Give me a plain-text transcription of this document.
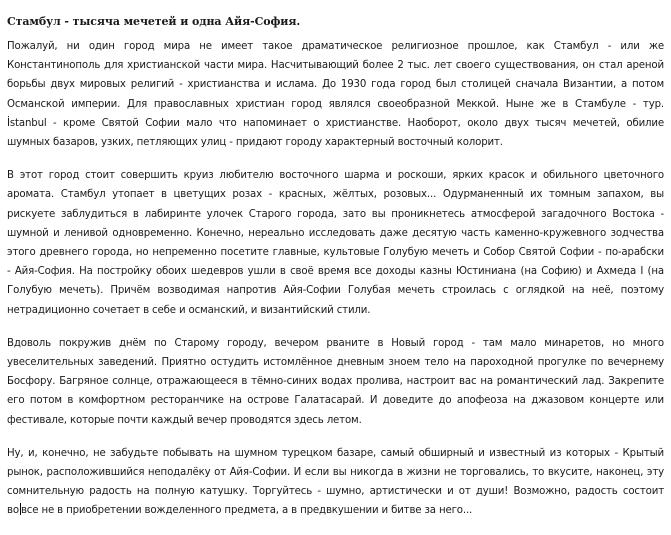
Стамбул - тысяча мечетей и одна Айя-София.
Пожалуй, ни один город мира не имеет такое драматическое религиозное прошлое, как Стамбул - или же
Константинополь для христианской части мира. Насчитывающий более 2 тыс. лет своего существования, он стал ареной
борьбы двух мировых религий - христианства и ислама. До 1930 года город был столицей сначала Византии, а потом
Османской империи. Для православных христиан город являлся своеобразной Меккой. Ныне же в Стамбуле - тур.
İstanbul - кроме Святой Софии мало что напоминает о христианстве. Наоборот, около двух тысяч мечетей, обилие
шумных базаров, узких, петляющих улиц - придают городу характерный восточный колорит.
В этот город стоит совершить круиз любителю восточного шарма и роскоши, ярких красок и обильного цветочного
аромата. Стамбул утопает в цветущих розах - красных, жёлтых, розовых... Одурманенный их томным запахом, вы
рискуете заблудиться в лабиринте улочек Старого города, зато вы проникнетесь атмосферой загадочного Востока -
шумной и ленивой одновременно. Конечно, нереально исследовать даже десятую часть каменно-кружевного зодчества
этого древнего города, но непременно посетите главные, культовые Голубую мечеть и Собор Святой Софии - по-арабски
- Айя-София. На постройку обоих шедевров ушли в своё время все доходы казны Юстиниана (на Софию) и Ахмеда I (на
Голубую мечеть). Причём возводимая напротив Айя-Софии Голубая мечеть строилась с оглядкой на неё, поэтому
нетрадиционно сочетает в себе и османский, и византийский стили.
Вдоволь покружив днём по Старому городу, вечером рваните в Новый город - там мало минаретов, но много
увеселительных заведений. Приятно остудить истомлённое дневным зноем тело на пароходной прогулке по вечернему
Босфору. Багряное солнце, отражающееся в тёмно-синих водах пролива, настроит вас на романтический лад. Закрепите
его потом в комфортном ресторанчике на острове Галатасарай. И доведите до апофеоза на джазовом концерте или
фестивале, которые почти каждый вечер проводятся здесь летом.
Ну, и, конечно, не забудьте побывать на шумном турецком базаре, самый обширный и известный из которых - Крытый
рынок, расположившийся неподалёку от Айя-Софии. И если вы никогда в жизни не торговались, то вкусите, наконец, эту
сомнительную радость на полную катушку. Торгуйтесь - шумно, артистически и от души! Возможно, радость состоит
во все не в приобретении вожделенного предмета, а в предвкушении и битве за него...
